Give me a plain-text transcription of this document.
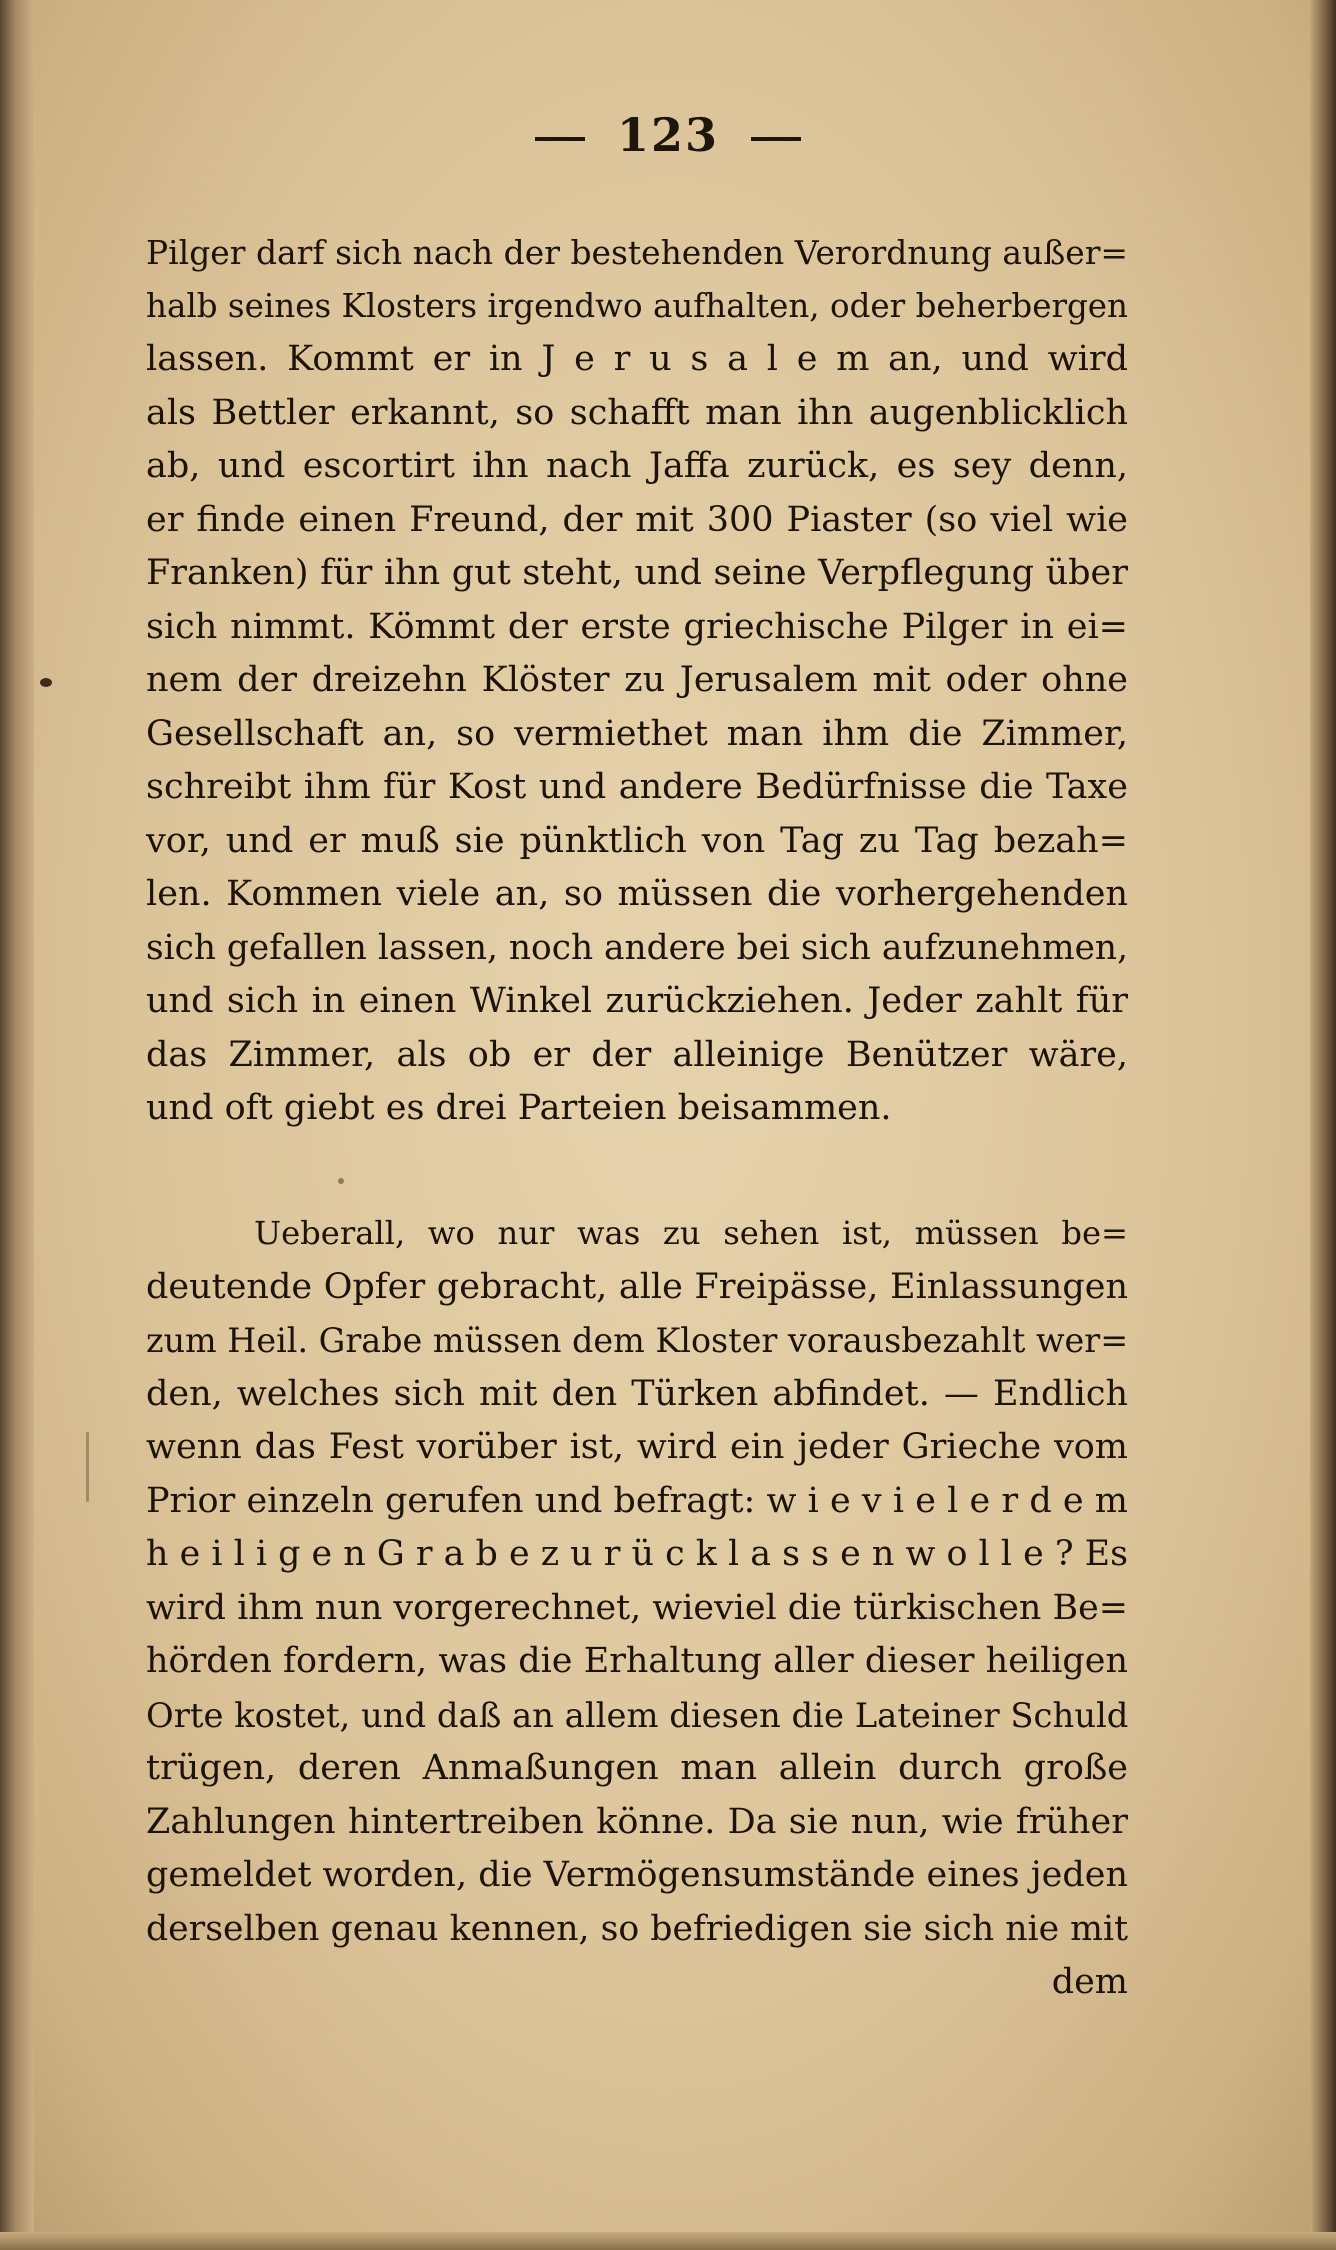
123
Pilger darf sich nach der bestehenden Verordnung außer=
halb seines Klosters irgendwo aufhalten, oder beherbergen
lassen. Kommt er in J e r u s a l e m an, und wird
als Bettler erkannt, so schafft man ihn augenblicklich
ab, und escortirt ihn nach Jaffa zurück, es sey denn,
er finde einen Freund, der mit 300 Piaster (so viel wie
Franken) für ihn gut steht, und seine Verpflegung über
sich nimmt. Kömmt der erste griechische Pilger in ei=
nem der dreizehn Klöster zu Jerusalem mit oder ohne
Gesellschaft an, so vermiethet man ihm die Zimmer,
schreibt ihm für Kost und andere Bedürfnisse die Taxe
vor, und er muß sie pünktlich von Tag zu Tag bezah=
len. Kommen viele an, so müssen die vorhergehenden
sich gefallen lassen, noch andere bei sich aufzunehmen,
und sich in einen Winkel zurückziehen. Jeder zahlt für
das Zimmer, als ob er der alleinige Benützer wäre,
und oft giebt es drei Parteien beisammen.
Ueberall, wo nur was zu sehen ist, müssen be=
deutende Opfer gebracht, alle Freipässe, Einlassungen
zum Heil. Grabe müssen dem Kloster vorausbezahlt wer=
den, welches sich mit den Türken abfindet. — Endlich
wenn das Fest vorüber ist, wird ein jeder Grieche vom
Prior einzeln gerufen und befragt: w i e v i e l e r d e m
h e i l i g e n G r a b e z u r ü c k l a s s e n w o l l e ? Es
wird ihm nun vorgerechnet, wieviel die türkischen Be=
hörden fordern, was die Erhaltung aller dieser heiligen
Orte kostet, und daß an allem diesen die Lateiner Schuld
trügen, deren Anmaßungen man allein durch große
Zahlungen hintertreiben könne. Da sie nun, wie früher
gemeldet worden, die Vermögensumstände eines jeden
derselben genau kennen, so befriedigen sie sich nie mit
dem
